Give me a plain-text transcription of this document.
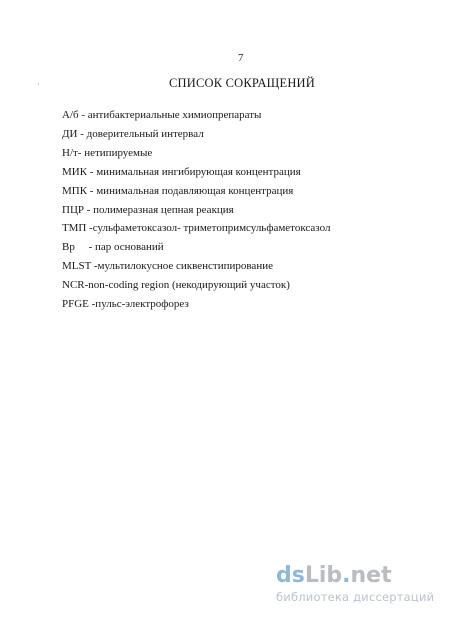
7
·	СПИСОК СОКРАЩЕНИЙ
А/б - антибактериальные химиопрепараты
ДИ - доверительный интервал
Н/т- нетипируемые
МИК - минимальная ингибирующая концентрация
МПК - минимальная подавляющая концентрация
ПЦР - полимеразная цепная реакция
ТМП -сульфаметоксазол- триметопримсульфаметоксазол
Вр     - пар оснований
MLST -мультилокусное сиквенстипирование
NCR-non-coding region (некодирующий участок)
PFGE -пульс-электрофорез
dsLib.net
библиотека диссертаций
